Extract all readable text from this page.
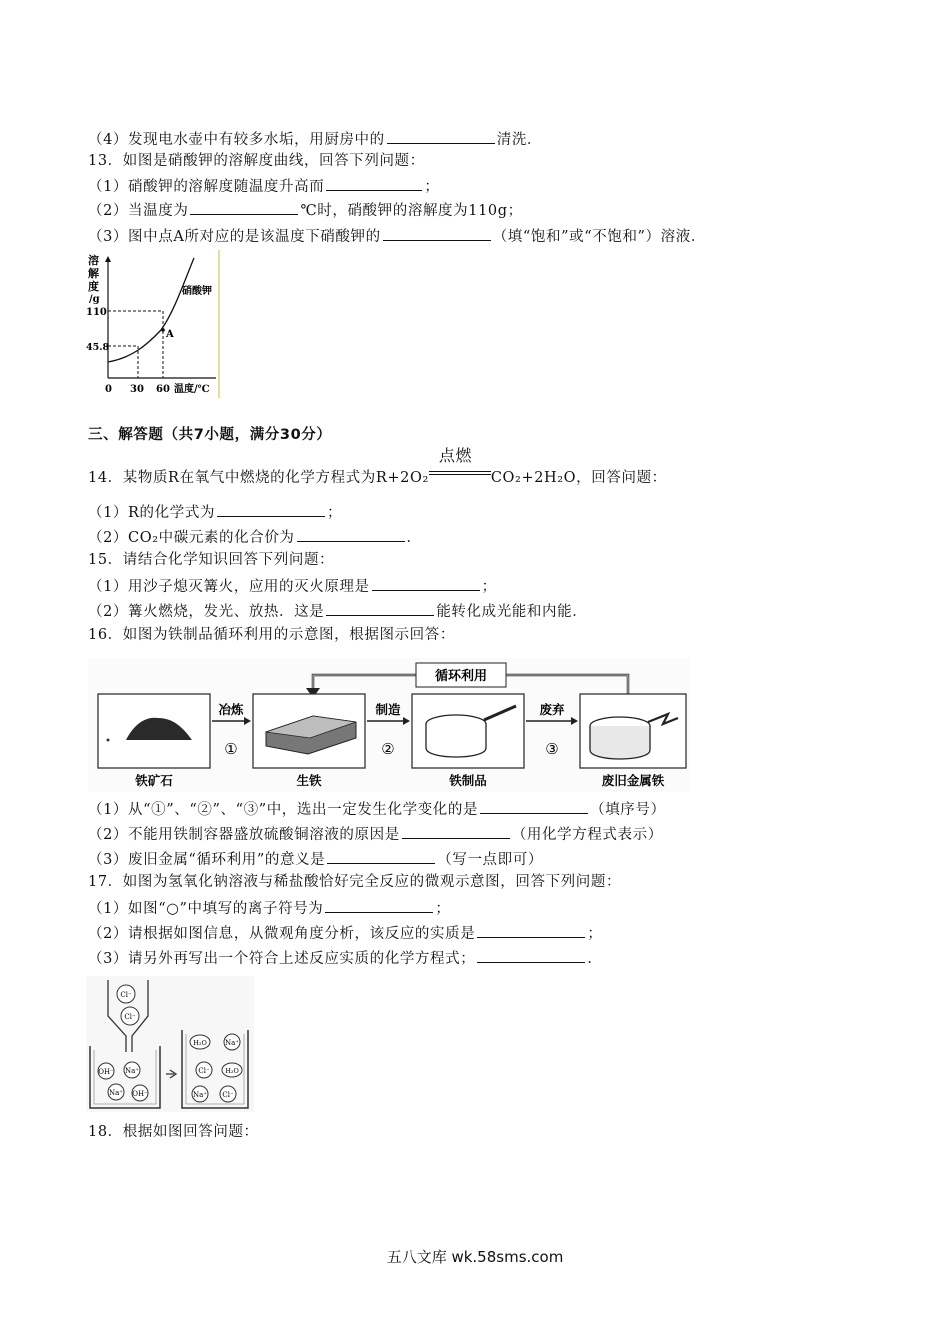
（4）发现电水壶中有较多水垢，用厨房中的	清洗．
13．如图是硝酸钾的溶解度曲线，回答下列问题：
（1）硝酸钾的溶解度随温度升高而	；
（2）当温度为	℃时，硝酸钾的溶解度为110g；
（3）图中点A所对应的是该温度下硝酸钾的	（填“饱和”或“不饱和”）溶液．
溶
解
度
/g
硝酸钾
A
110
45.8
0 30 60 温度/℃
三、解答题（共7小题，满分30分）
14．某物质R在氧气中燃烧的化学方程式为R+2O₂
点燃
CO₂+2H₂O，回答问题：
（1）R的化学式为	；
（2）CO₂中碳元素的化合价为	．
15．请结合化学知识回答下列问题：
（1）用沙子熄灭篝火，应用的灭火原理是	；
（2）篝火燃烧，发光、放热．这是	能转化成光能和内能．
16．如图为铁制品循环利用的示意图，根据图示回答：
循环利用
冶炼
①
制造
②
废弃
③
铁矿石	生铁	铁制品	废旧金属铁
（1）从“①”、“②”、“③”中，选出一定发生化学变化的是	（填序号）
（2）不能用铁制容器盛放硫酸铜溶液的原因是	（用化学方程式表示）
（3）废旧金属“循环利用”的意义是	（写一点即可）
17．如图为氢氧化钠溶液与稀盐酸恰好完全反应的微观示意图，回答下列问题：
（1）如图“○”中填写的离子符号为	；
（2）请根据如图信息，从微观角度分析，该反应的实质是	；
（3）请另外再写出一个符合上述反应实质的化学方程式；	．
Cl⁻
Cl⁻
OH⁻ Na⁺
Na⁺ OH⁻
H₂O	Na⁺
Cl⁻ H₂O
Na⁺ Cl⁻
18．根据如图回答问题：
五八文库 wk.58sms.com
